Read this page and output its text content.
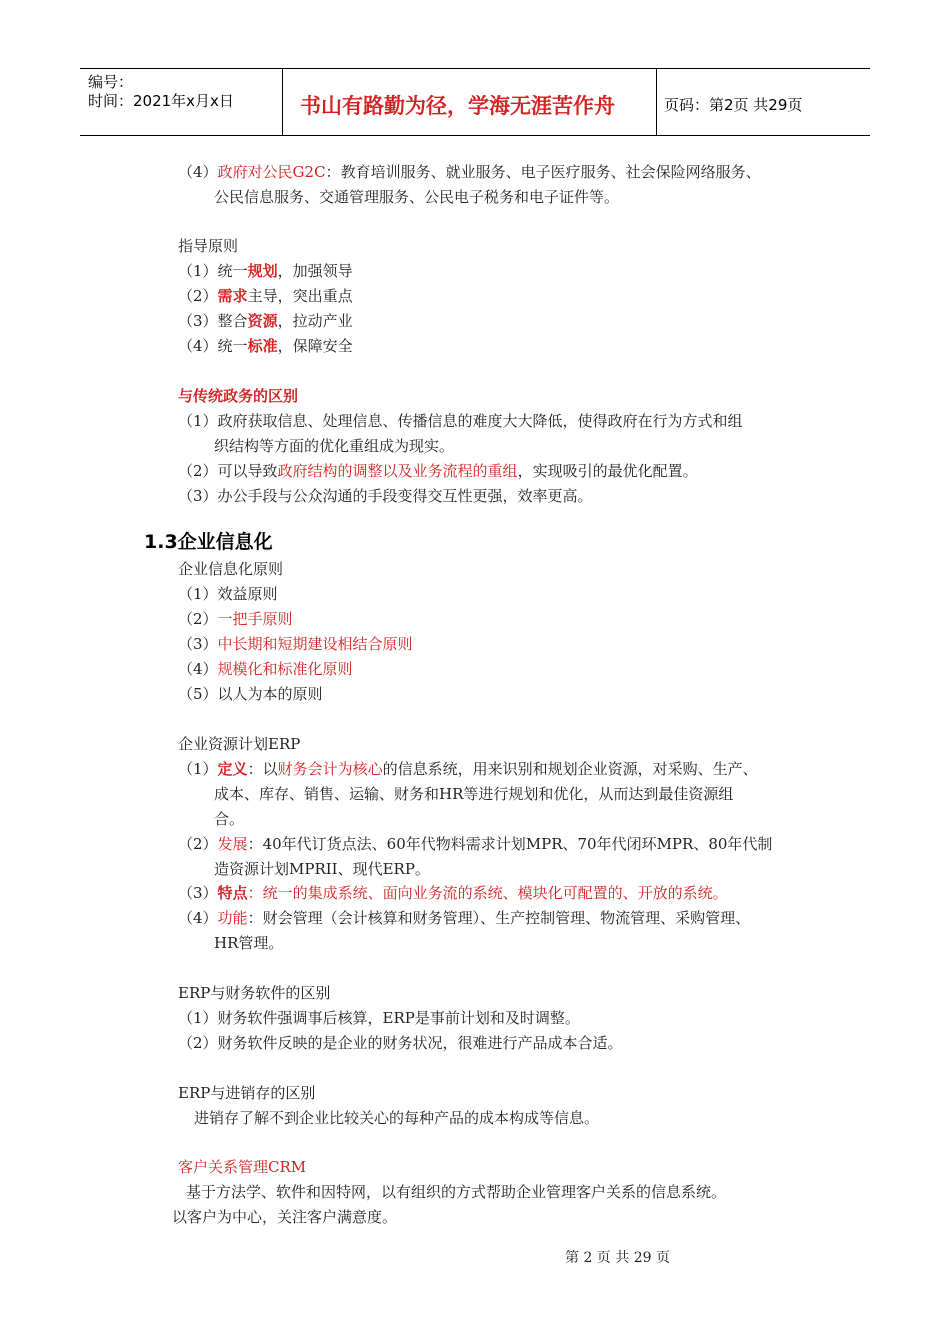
编号：
时间：2021年x月x日	书山有路勤为径，学海无涯苦作舟	页码：第2页 共29页
（4）政府对公民G2C：教育培训服务、就业服务、电子医疗服务、社会保险网络服务、
公民信息服务、交通管理服务、公民电子税务和电子证件等。
指导原则
（1）统一规划，加强领导
（2）需求主导，突出重点
（3）整合资源，拉动产业
（4）统一标准，保障安全
与传统政务的区别
（1）政府获取信息、处理信息、传播信息的难度大大降低，使得政府在行为方式和组
织结构等方面的优化重组成为现实。
（2）可以导致政府结构的调整以及业务流程的重组，实现吸引的最优化配置。
（3）办公手段与公众沟通的手段变得交互性更强，效率更高。
1.3企业信息化
企业信息化原则
（1）效益原则
（2）一把手原则
（3）中长期和短期建设相结合原则
（4）规模化和标准化原则
（5）以人为本的原则
企业资源计划ERP
（1）定义：以财务会计为核心的信息系统，用来识别和规划企业资源，对采购、生产、
成本、库存、销售、运输、财务和HR等进行规划和优化，从而达到最佳资源组
合。
（2）发展：40年代订货点法、60年代物料需求计划MPR、70年代闭环MPR、80年代制
造资源计划MPRII、现代ERP。
（3）特点：统一的集成系统、面向业务流的系统、模块化可配置的、开放的系统。
（4）功能：财会管理（会计核算和财务管理）、生产控制管理、物流管理、采购管理、
HR管理。
ERP与财务软件的区别
（1）财务软件强调事后核算，ERP是事前计划和及时调整。
（2）财务软件反映的是企业的财务状况，很难进行产品成本合适。
ERP与进销存的区别
进销存了解不到企业比较关心的每种产品的成本构成等信息。
客户关系管理CRM
基于方法学、软件和因特网，以有组织的方式帮助企业管理客户关系的信息系统。
以客户为中心，关注客户满意度。
第 2 页 共 29 页
